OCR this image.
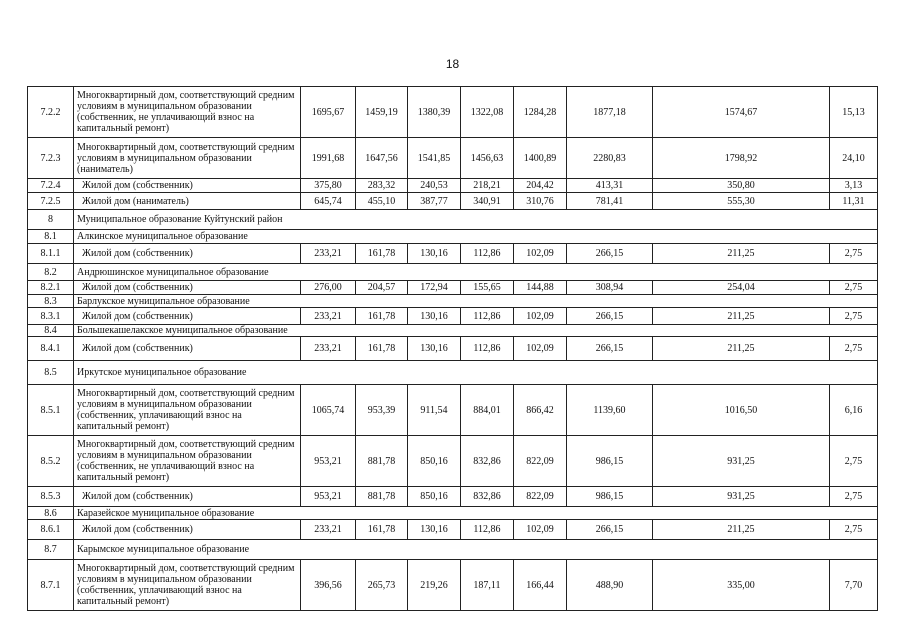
18
7.2.2	Многоквартирный дом, соответствующий средним условиям в муниципальном образовании (собственник, не уплачивающий взнос на капитальный ремонт)	1695,67	1459,19	1380,39	1322,08	1284,28	1877,18	1574,67	15,13
7.2.3	Многоквартирный дом, соответствующий средним условиям в муниципальном образовании (наниматель)	1991,68	1647,56	1541,85	1456,63	1400,89	2280,83	1798,92	24,10
7.2.4	Жилой дом (собственник)	375,80	283,32	240,53	218,21	204,42	413,31	350,80	3,13
7.2.5	Жилой дом (наниматель)	645,74	455,10	387,77	340,91	310,76	781,41	555,30	11,31
8	Муниципальное образование Куйтунский район								
8.1	Алкинское муниципальное образование								
8.1.1	Жилой дом (собственник)	233,21	161,78	130,16	112,86	102,09	266,15	211,25	2,75
8.2	Андрюшинское муниципальное образование								
8.2.1	Жилой дом (собственник)	276,00	204,57	172,94	155,65	144,88	308,94	254,04	2,75
8.3	Барлукское муниципальное образование								
8.3.1	Жилой дом (собственник)	233,21	161,78	130,16	112,86	102,09	266,15	211,25	2,75
8.4	Большекашелакское муниципальное образование								
8.4.1	Жилой дом (собственник)	233,21	161,78	130,16	112,86	102,09	266,15	211,25	2,75
8.5	Иркутское муниципальное образование								
8.5.1	Многоквартирный дом, соответствующий средним условиям в муниципальном образовании (собственник, уплачивающий взнос на капитальный ремонт)	1065,74	953,39	911,54	884,01	866,42	1139,60	1016,50	6,16
8.5.2	Многоквартирный дом, соответствующий средним условиям в муниципальном образовании (собственник, не уплачивающий взнос на капитальный ремонт)	953,21	881,78	850,16	832,86	822,09	986,15	931,25	2,75
8.5.3	Жилой дом (собственник)	953,21	881,78	850,16	832,86	822,09	986,15	931,25	2,75
8.6	Каразейское муниципальное образование								
8.6.1	Жилой дом (собственник)	233,21	161,78	130,16	112,86	102,09	266,15	211,25	2,75
8.7	Карымское муниципальное образование								
8.7.1	Многоквартирный дом, соответствующий средним условиям в муниципальном образовании (собственник, уплачивающий взнос на капитальный ремонт)	396,56	265,73	219,26	187,11	166,44	488,90	335,00	7,70
